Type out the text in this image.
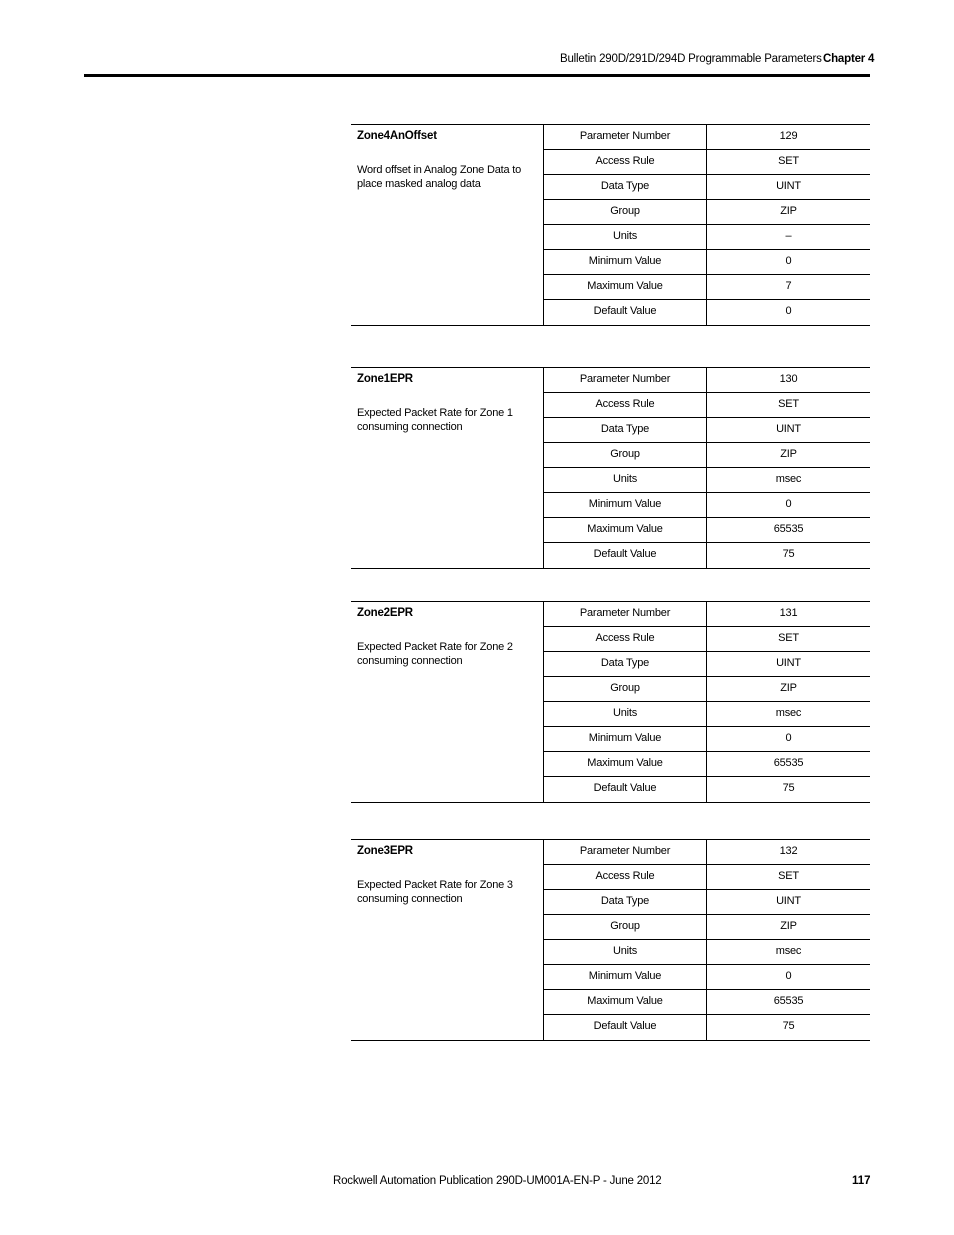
Bulletin 290D/291D/294D Programmable Parameters Chapter 4
Zone4AnOffset
Word offset in Analog Zone Data to place masked analog data
Parameter Number	129
Access Rule	SET
Data Type	UINT
Group	ZIP
Units	–
Minimum Value	0
Maximum Value	7
Default Value	0
Zone1EPR
Expected Packet Rate for Zone 1 consuming connection
Parameter Number	130
Access Rule	SET
Data Type	UINT
Group	ZIP
Units	msec
Minimum Value	0
Maximum Value	65535
Default Value	75
Zone2EPR
Expected Packet Rate for Zone 2 consuming connection
Parameter Number	131
Access Rule	SET
Data Type	UINT
Group	ZIP
Units	msec
Minimum Value	0
Maximum Value	65535
Default Value	75
Zone3EPR
Expected Packet Rate for Zone 3 consuming connection
Parameter Number	132
Access Rule	SET
Data Type	UINT
Group	ZIP
Units	msec
Minimum Value	0
Maximum Value	65535
Default Value	75
Rockwell Automation Publication 290D-UM001A-EN-P - June 2012	117
